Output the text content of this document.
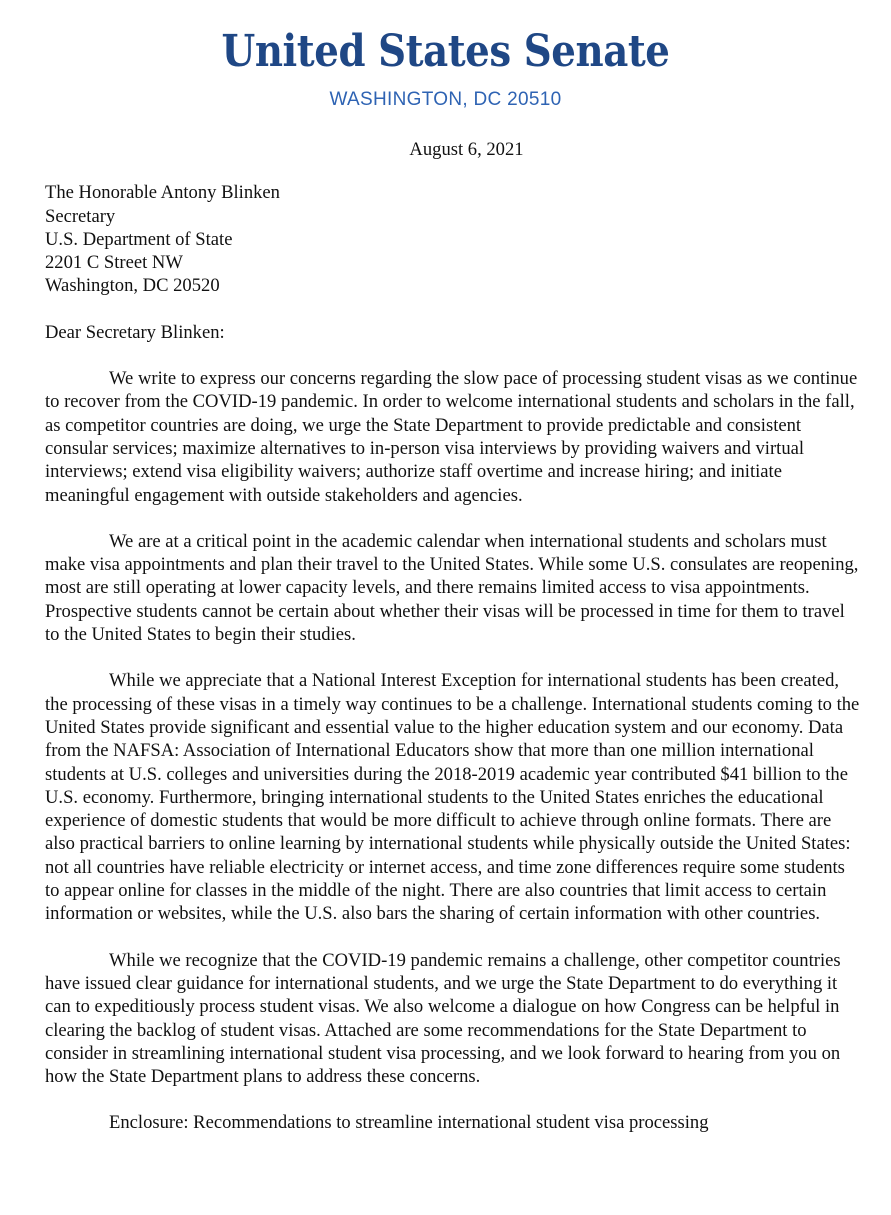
United States Senate
WASHINGTON, DC 20510

August 6, 2021

The Honorable Antony Blinken
Secretary
U.S. Department of State
2201 C Street NW
Washington, DC 20520

Dear Secretary Blinken:

We write to express our concerns regarding the slow pace of processing student visas as we continue to recover from the COVID-19 pandemic. In order to welcome international students and scholars in the fall, as competitor countries are doing, we urge the State Department to provide predictable and consistent consular services; maximize alternatives to in-person visa interviews by providing waivers and virtual interviews; extend visa eligibility waivers; authorize staff overtime and increase hiring; and initiate meaningful engagement with outside stakeholders and agencies.

We are at a critical point in the academic calendar when international students and scholars must make visa appointments and plan their travel to the United States. While some U.S. consulates are reopening, most are still operating at lower capacity levels, and there remains limited access to visa appointments. Prospective students cannot be certain about whether their visas will be processed in time for them to travel to the United States to begin their studies.

While we appreciate that a National Interest Exception for international students has been created, the processing of these visas in a timely way continues to be a challenge. International students coming to the United States provide significant and essential value to the higher education system and our economy. Data from the NAFSA: Association of International Educators show that more than one million international students at U.S. colleges and universities during the 2018-2019 academic year contributed $41 billion to the U.S. economy. Furthermore, bringing international students to the United States enriches the educational experience of domestic students that would be more difficult to achieve through online formats. There are also practical barriers to online learning by international students while physically outside the United States: not all countries have reliable electricity or internet access, and time zone differences require some students to appear online for classes in the middle of the night. There are also countries that limit access to certain information or websites, while the U.S. also bars the sharing of certain information with other countries.

While we recognize that the COVID-19 pandemic remains a challenge, other competitor countries have issued clear guidance for international students, and we urge the State Department to do everything it can to expeditiously process student visas. We also welcome a dialogue on how Congress can be helpful in clearing the backlog of student visas. Attached are some recommendations for the State Department to consider in streamlining international student visa processing, and we look forward to hearing from you on how the State Department plans to address these concerns.

Enclosure: Recommendations to streamline international student visa processing
